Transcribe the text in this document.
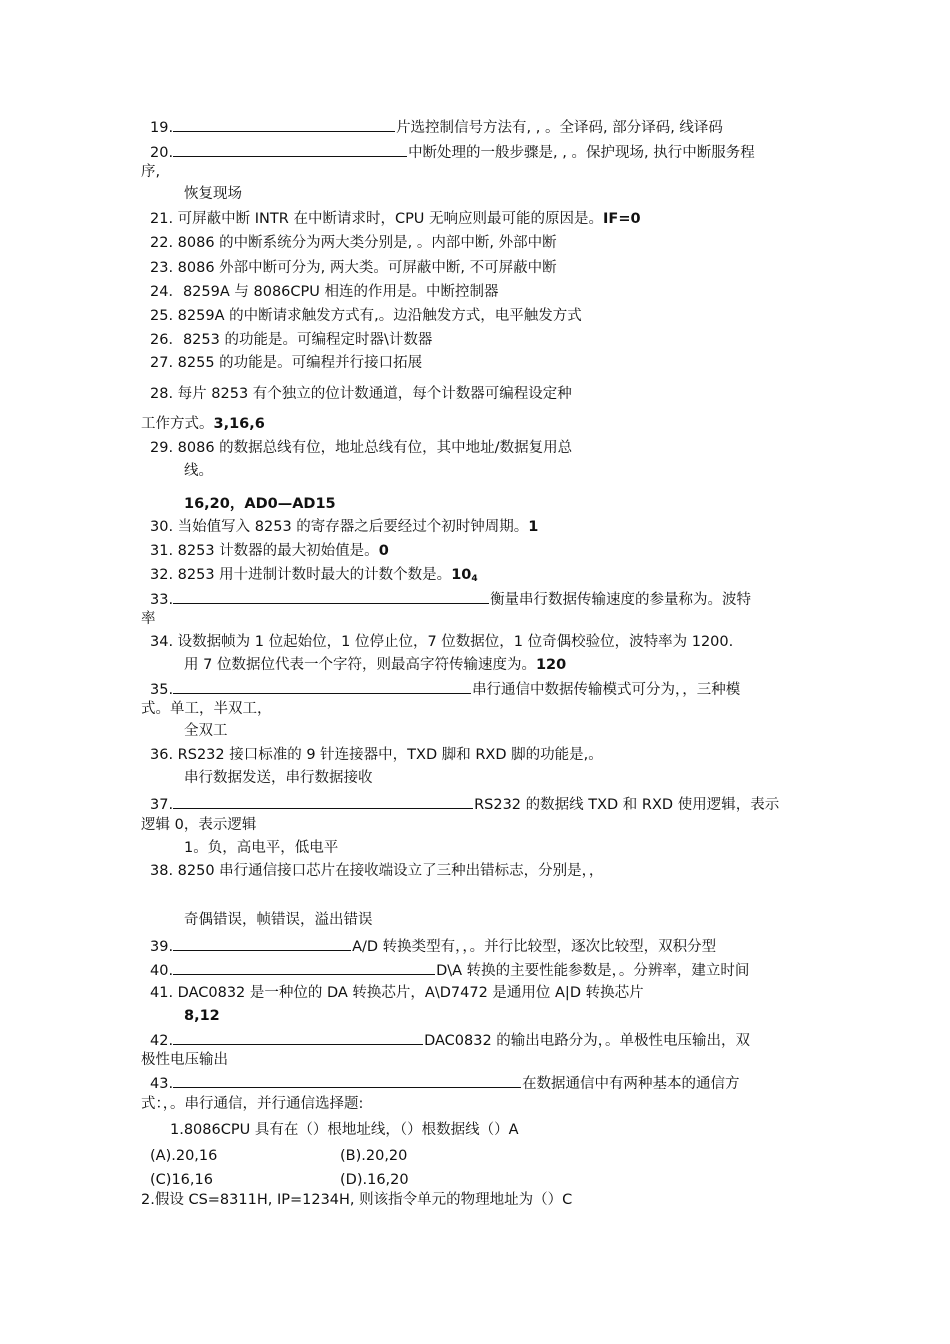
19.	片选控制信号方法有, , 。全译码, 部分译码, 线译码
20.	中断处理的一般步骤是, , 。保护现场, 执行中断服务程
序,
恢复现场
21. 可屏蔽中断 INTR 在中断请求时，CPU 无响应则最可能的原因是。IF=0
22. 8086 的中断系统分为两大类分别是, 。内部中断, 外部中断
23. 8086 外部中断可分为, 两大类。可屏蔽中断, 不可屏蔽中断
24．8259A 与 8086CPU 相连的作用是。中断控制器
25. 8259A 的中断请求触发方式有,。边沿触发方式，电平触发方式
26．8253 的功能是。可编程定时器\计数器
27. 8255 的功能是。可编程并行接口拓展
28. 每片 8253 有个独立的位计数通道，每个计数器可编程设定种
工作方式。3,16,6
29. 8086 的数据总线有位，地址总线有位，其中地址/数据复用总
线。
16,20，AD0—AD15
30. 当始值写入 8253 的寄存器之后要经过个初时钟周期。1
31. 8253 计数器的最大初始值是。0
32. 8253 用十进制计数时最大的计数个数是。104
33.	衡量串行数据传输速度的参量称为。波特
率
34. 设数据帧为 1 位起始位，1 位停止位，7 位数据位，1 位奇偶校验位，波特率为 1200.
用 7 位数据位代表一个字符，则最高字符传输速度为。120
35.	串行通信中数据传输模式可分为，，三种模
式。单工，半双工，
全双工
36. RS232 接口标准的 9 针连接器中，TXD 脚和 RXD 脚的功能是,。
串行数据发送，串行数据接收
37.	RS232 的数据线 TXD 和 RXD 使用逻辑，表示
逻辑 0，表示逻辑
1。负，高电平，低电平
38. 8250 串行通信接口芯片在接收端设立了三种出错标志，分别是，，
奇偶错误，帧错误，溢出错误
39.	A/D 转换类型有，，。并行比较型，逐次比较型，双积分型
40.	D\A 转换的主要性能参数是，。分辨率，建立时间
41. DAC0832 是一种位的 DA 转换芯片，A\D7472 是通用位 A|D 转换芯片
8,12
42.	DAC0832 的输出电路分为，。单极性电压输出，双
极性电压输出
43.	在数据通信中有两种基本的通信方
式：，。串行通信，并行通信选择题:
1.8086CPU 具有在（）根地址线，（）根数据线（）A
(A).20,16	(B).20,20
(C)16,16	(D).16,20
2.假设 CS=8311H, IP=1234H, 则该指令单元的物理地址为（）C
